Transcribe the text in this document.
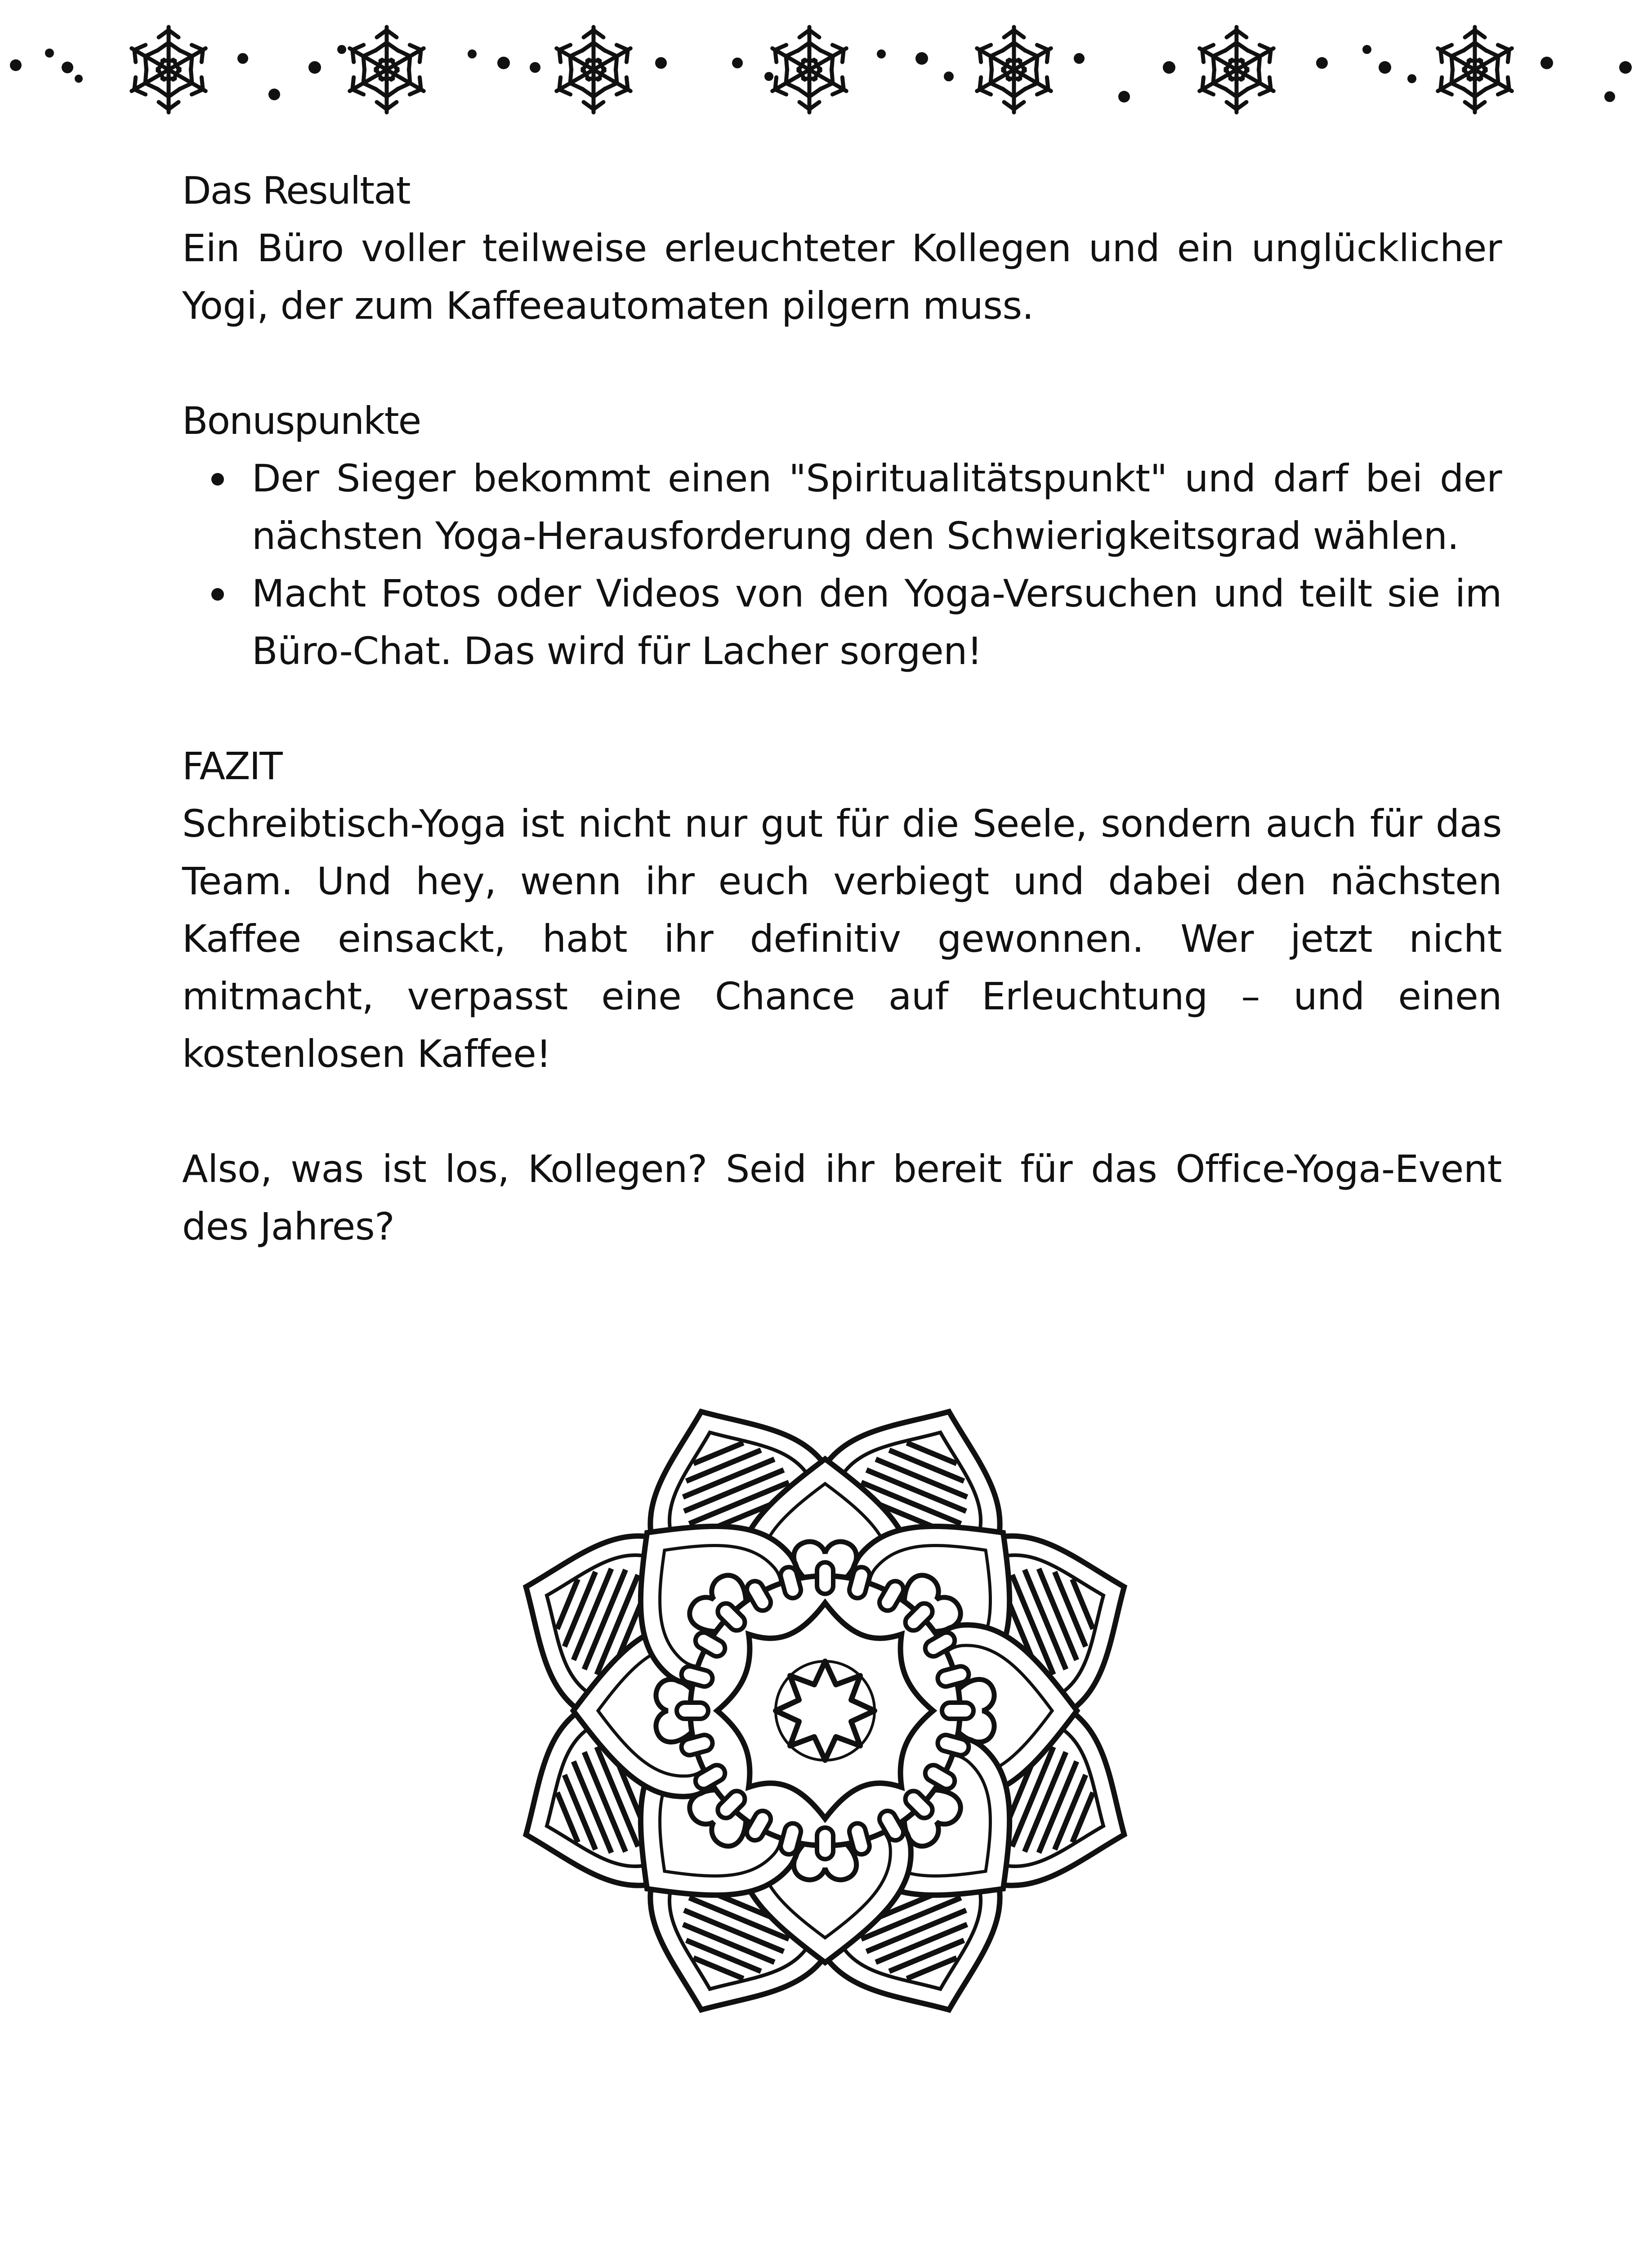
Das Resultat

Ein Büro voller teilweise erleuchteter Kollegen und ein unglücklicher Yogi, der zum Kaffeeautomaten pilgern muss.

Bonuspunkte
Der Sieger bekommt einen "Spiritualitätspunkt" und darf bei der nächsten Yoga-Herausforderung den Schwierigkeitsgrad wählen.
Macht Fotos oder Videos von den Yoga-Versuchen und teilt sie im Büro-Chat. Das wird für Lacher sorgen!
FAZIT

Schreibtisch-Yoga ist nicht nur gut für die Seele, sondern auch für das Team. Und hey, wenn ihr euch verbiegt und dabei den nächsten Kaffee einsackt, habt ihr definitiv gewonnen. Wer jetzt nicht mitmacht, verpasst eine Chance auf Erleuchtung – und einen kostenlosen Kaffee!

Also, was ist los, Kollegen? Seid ihr bereit für das Office-Yoga-Event des Jahres?
